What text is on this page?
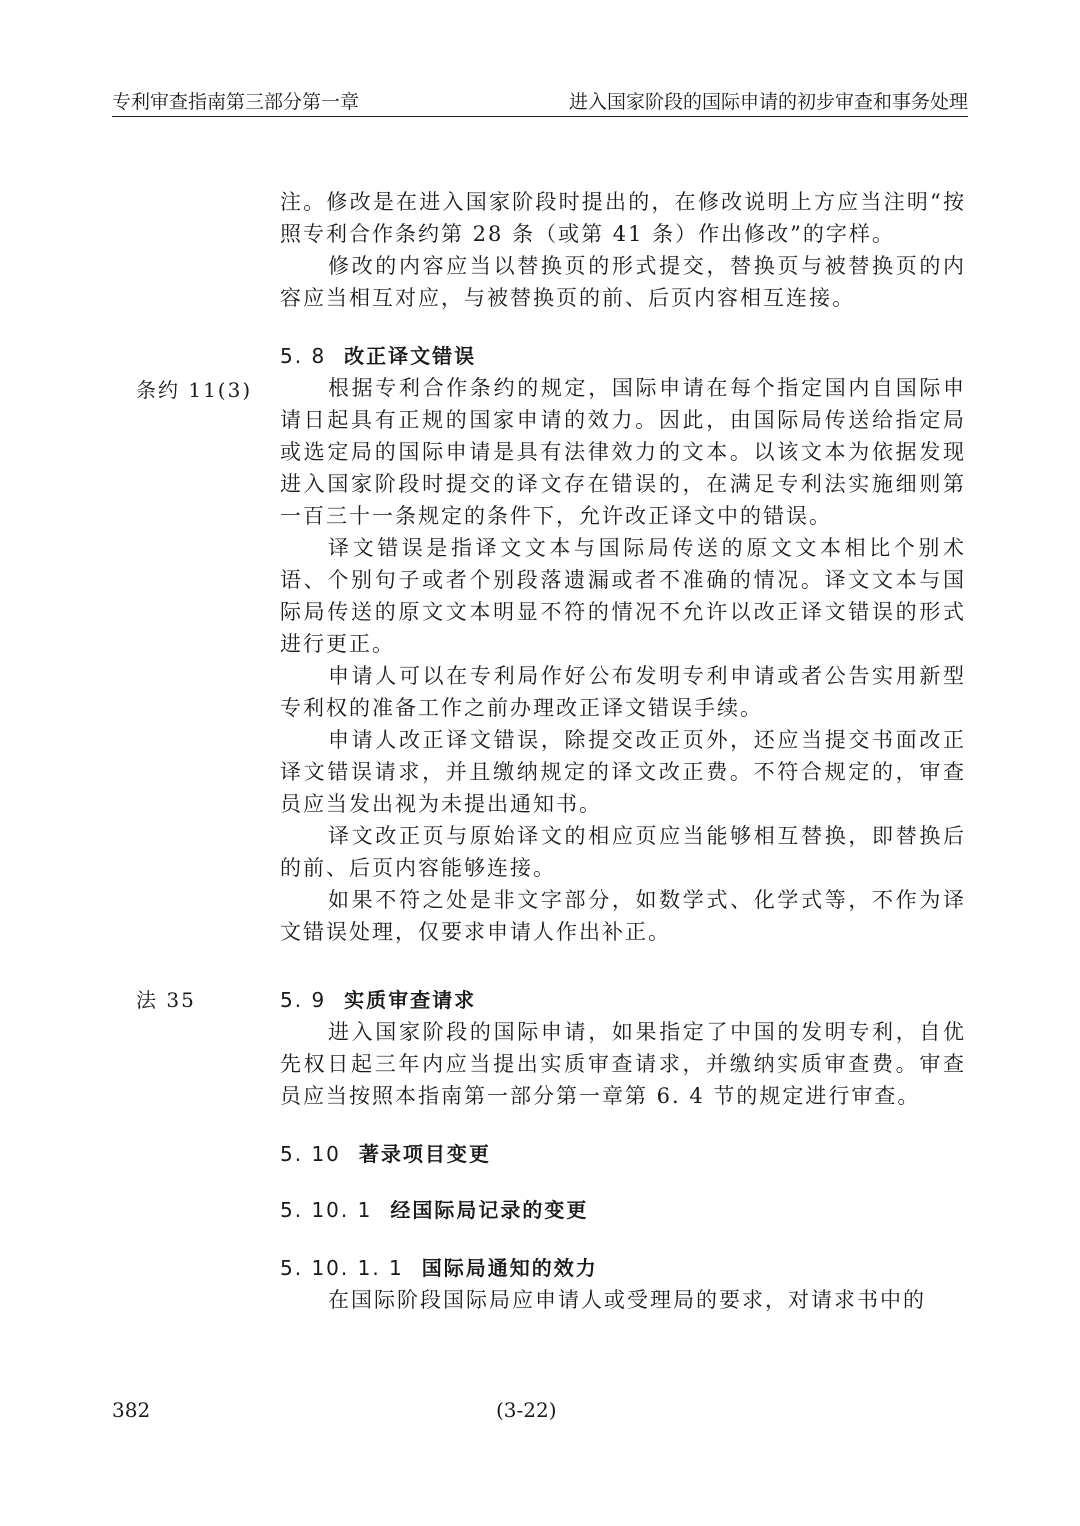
专利审查指南第三部分第一章	进入国家阶段的国际申请的初步审查和事务处理

注。修改是在进入国家阶段时提出的，在修改说明上方应当注明“按照专利合作条约第 28 条（或第 41 条）作出修改”的字样。

修改的内容应当以替换页的形式提交，替换页与被替换页的内容应当相互对应，与被替换页的前、后页内容相互连接。

条约 11(3)
5. 8 改正译文错误

根据专利合作条约的规定，国际申请在每个指定国内自国际申请日起具有正规的国家申请的效力。因此，由国际局传送给指定局或选定局的国际申请是具有法律效力的文本。以该文本为依据发现进入国家阶段时提交的译文存在错误的，在满足专利法实施细则第一百三十一条规定的条件下，允许改正译文中的错误。

译文错误是指译文文本与国际局传送的原文文本相比个别术语、个别句子或者个别段落遗漏或者不准确的情况。译文文本与国际局传送的原文文本明显不符的情况不允许以改正译文错误的形式进行更正。

申请人可以在专利局作好公布发明专利申请或者公告实用新型专利权的准备工作之前办理改正译文错误手续。

申请人改正译文错误，除提交改正页外，还应当提交书面改正译文错误请求，并且缴纳规定的译文改正费。不符合规定的，审查员应当发出视为未提出通知书。

译文改正页与原始译文的相应页应当能够相互替换，即替换后的前、后页内容能够连接。

如果不符之处是非文字部分，如数学式、化学式等，不作为译文错误处理，仅要求申请人作出补正。

法 35	5. 9 实质审查请求

进入国家阶段的国际申请，如果指定了中国的发明专利，自优先权日起三年内应当提出实质审查请求，并缴纳实质审查费。审查员应当按照本指南第一部分第一章第 6. 4 节的规定进行审查。

5. 10 著录项目变更
5. 10. 1 经国际局记录的变更
5. 10. 1. 1 国际局通知的效力

在国际阶段国际局应申请人或受理局的要求，对请求书中的

382	(3-22)
